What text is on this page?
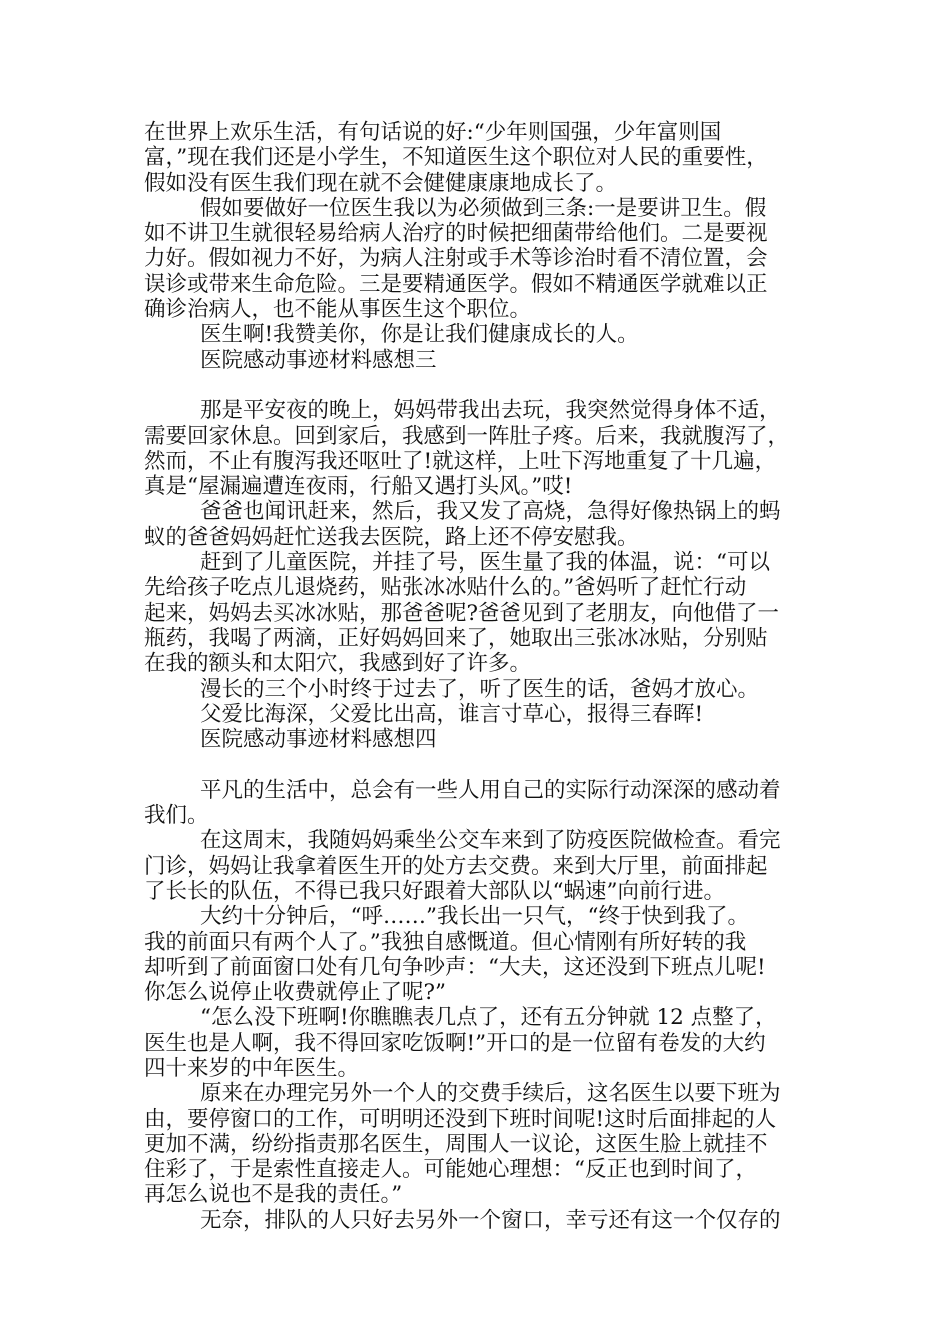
在世界上欢乐生活，有句话说的好:“少年则国强，少年富则国
富，”现在我们还是小学生，不知道医生这个职位对人民的重要性，
假如没有医生我们现在就不会健健康康地成长了。
假如要做好一位医生我以为必须做到三条:一是要讲卫生。假
如不讲卫生就很轻易给病人治疗的时候把细菌带给他们。二是要视
力好。假如视力不好，为病人注射或手术等诊治时看不清位置，会
误诊或带来生命危险。三是要精通医学。假如不精通医学就难以正
确诊治病人，也不能从事医生这个职位。
医生啊!我赞美你，你是让我们健康成长的人。
医院感动事迹材料感想三
那是平安夜的晚上，妈妈带我出去玩，我突然觉得身体不适，
需要回家休息。回到家后，我感到一阵肚子疼。后来，我就腹泻了，
然而，不止有腹泻我还呕吐了!就这样，上吐下泻地重复了十几遍，
真是“屋漏遍遭连夜雨，行船又遇打头风。”哎!
爸爸也闻讯赶来，然后，我又发了高烧，急得好像热锅上的蚂
蚁的爸爸妈妈赶忙送我去医院，路上还不停安慰我。
赶到了儿童医院，并挂了号，医生量了我的体温，说：“可以
先给孩子吃点儿退烧药，贴张冰冰贴什么的。”爸妈听了赶忙行动
起来，妈妈去买冰冰贴，那爸爸呢?爸爸见到了老朋友，向他借了一
瓶药，我喝了两滴，正好妈妈回来了，她取出三张冰冰贴，分别贴
在我的额头和太阳穴，我感到好了许多。
漫长的三个小时终于过去了，听了医生的话，爸妈才放心。
父爱比海深，父爱比出高，谁言寸草心，报得三春晖!
医院感动事迹材料感想四
平凡的生活中，总会有一些人用自己的实际行动深深的感动着
我们。
在这周末，我随妈妈乘坐公交车来到了防疫医院做检查。看完
门诊，妈妈让我拿着医生开的处方去交费。来到大厅里，前面排起
了长长的队伍，不得已我只好跟着大部队以“蜗速”向前行进。
大约十分钟后，“呼……”我长出一只气，“终于快到我了。
我的前面只有两个人了。”我独自感慨道。但心情刚有所好转的我
却听到了前面窗口处有几句争吵声：“大夫，这还没到下班点儿呢!
你怎么说停止收费就停止了呢?”
“怎么没下班啊!你瞧瞧表几点了，还有五分钟就 12 点整了，
医生也是人啊，我不得回家吃饭啊!”开口的是一位留有卷发的大约
四十来岁的中年医生。
原来在办理完另外一个人的交费手续后，这名医生以要下班为
由，要停窗口的工作，可明明还没到下班时间呢!这时后面排起的人
更加不满，纷纷指责那名医生，周围人一议论，这医生脸上就挂不
住彩了，于是索性直接走人。可能她心理想：“反正也到时间了，
再怎么说也不是我的责任。”
无奈，排队的人只好去另外一个窗口，幸亏还有这一个仅存的
